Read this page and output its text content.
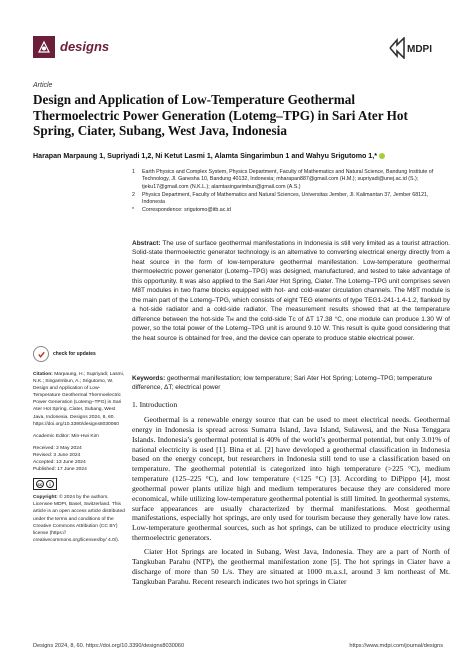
designs	MDPI
Article
Design and Application of Low-Temperature Geothermal Thermoelectric Power Generation (Lotemg–TPG) in Sari Ater Hot Spring, Ciater, Subang, West Java, Indonesia
Harapan Marpaung 1, Supriyadi 1,2, Ni Ketut Lasmi 1, Alamta Singarimbun 1 and Wahyu Srigutomo 1,*
1	Earth Physics and Complex System, Physics Department, Faculty of Mathematics and Natural Science, Bandung Institute of Technology, Jl. Ganesha 10, Bandung 40132, Indonesia; mharapan887@gmail.com (H.M.); supriyadi@unej.ac.id (S.); tjeku17@gmail.com (N.K.L.); alamtasingarimbun@gmail.com (A.S.)
2	Physics Department, Faculty of Mathematics and Natural Sciences, Universitas Jember, Jl. Kalimantan 37, Jember 68121, Indonesia
*	Correspondence: srigutomo@itb.ac.id
Abstract: The use of surface geothermal manifestations in Indonesia is still very limited as a tourist attraction. Solid-state thermoelectric generator technology is an alternative to converting electrical energy directly from a heat source in the form of low-temperature geothermal manifestation. Low-temperature geothermal thermoelectric power generator (Lotemg–TPG) was designed, manufactured, and tested to take advantage of this opportunity. It was also applied to the Sari Ater Hot Spring, Ciater. The Lotemg–TPG unit comprises seven M8T modules in two frame blocks equipped with hot- and cold-water circulation channels. The M8T module is the main part of the Lotemg–TPG, which consists of eight TEG elements of type TEG1-241-1.4-1.2, flanked by a hot-side radiator and a cold-side radiator. The measurement results showed that at the temperature difference between the hot-side Tʜ and the cold-side Tᴄ of ΔT 17.38 °C, one module can produce 1.30 W of power, so the total power of the Lotemg–TPG unit is around 9.10 W. This result is quite good considering that the heat source is obtained for free, and the device can operate to produce stable electrical power.
Keywords: geothermal manifestation; low temperature; Sari Ater Hot Spring; Lotemg–TPG; temperature difference, ΔT; electrical power
check for updates
Citation: Marpaung, H.; Supriyadi; Lasmi, N.K.; Singarimbun, A.; Srigutomo, W. Design and Application of Low-Temperature Geothermal Thermoelectric Power Generation (Lotemg–TPG) in Sari Ater Hot Spring, Ciater, Subang, West Java, Indonesia. Designs 2024, 8, 60. https://doi.org/10.3390/designs8030060
Academic Editor: Min-Hwi Kim
Received: 2 May 2024
Revised: 3 June 2024
Accepted: 13 June 2024
Published: 17 June 2024
cc	i
Copyright: © 2024 by the authors. Licensee MDPI, Basel, Switzerland. This article is an open access article distributed under the terms and conditions of the Creative Commons Attribution (CC BY) license (https:// creativecommons.org/licenses/by/ 4.0/).
1. Introduction

Geothermal is a renewable energy source that can be used to meet electrical needs. Geothermal energy in Indonesia is spread across Sumatra Island, Java Island, Sulawesi, and the Nusa Tenggara Islands. Indonesia’s geothermal potential is 40% of the world’s geothermal potential, but only 3.01% of national electricity is used [1]. Bina et al. [2] have developed a geothermal classification in Indonesia based on the energy concept, but researchers in Indonesia still tend to use a classification based on temperature. The geothermal potential is categorized into high temperature (>225 °C), medium temperature (125–225 °C), and low temperature (<125 °C) [3]. According to DiPippo [4], most geothermal power plants utilize high and medium temperatures because they are considered more economical, while utilizing low-temperature geothermal potential is still limited. In geothermal systems, surface appearances are usually characterized by thermal manifestations. Most geothermal manifestations, especially hot springs, are only used for tourism because they generally have low rates. Low-temperature geothermal sources, such as hot springs, can be utilized to produce electricity using thermoelectric generators.

Ciater Hot Springs are located in Subang, West Java, Indonesia. They are a part of North of Tangkuban Parahu (NTP), the geothermal manifestation zone [5]. The hot springs in Ciater have a discharge of more than 50 L/s. They are situated at 1000 m.a.s.l, around 3 km northeast of Mt. Tangkuban Parahu. Recent research indicates two hot springs in Ciater

Designs 2024, 8, 60. https://doi.org/10.3390/designs8030060	https://www.mdpi.com/journal/designs
